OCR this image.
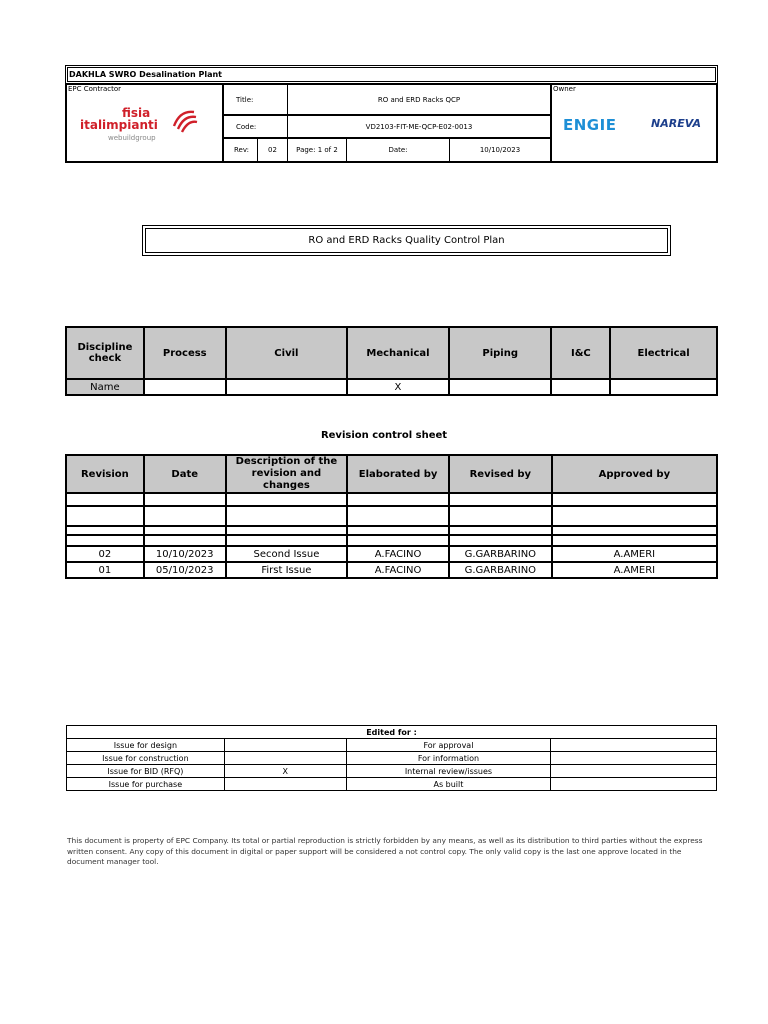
DAKHLA SWRO Desalination Plant
EPC Contractor
fisia
italimpianti
webuildgroup
Title:	RO and ERD Racks QCP
Code:	VD2103-FIT-ME-QCP-E02-0013
Rev:	02	Page: 1 of 2	Date:	10/10/2023
Owner
ENGIE	NAREVA
RO and ERD Racks Quality Control Plan
Discipline check	Process	Civil	Mechanical	Piping	I&C	Electrical
Name			X			
Revision control sheet
Revision	Date	Description of the revision and changes	Elaborated by	Revised by	Approved by

02	10/10/2023	Second Issue	A.FACINO	G.GARBARINO	A.AMERI
01	05/10/2023	First Issue	A.FACINO	G.GARBARINO	A.AMERI
Edited for :			
Issue for design		For approval	
Issue for construction		For information	
Issue for BID (RFQ)	X	Internal review/issues	
Issue for purchase		As built	
This document is property of EPC Company. Its total or partial reproduction is strictly forbidden by any means, as well as its distribution to third parties without the express written consent. Any copy of this document in digital or paper support will be considered a not control copy. The only valid copy is the last one approve located in the document manager tool.
